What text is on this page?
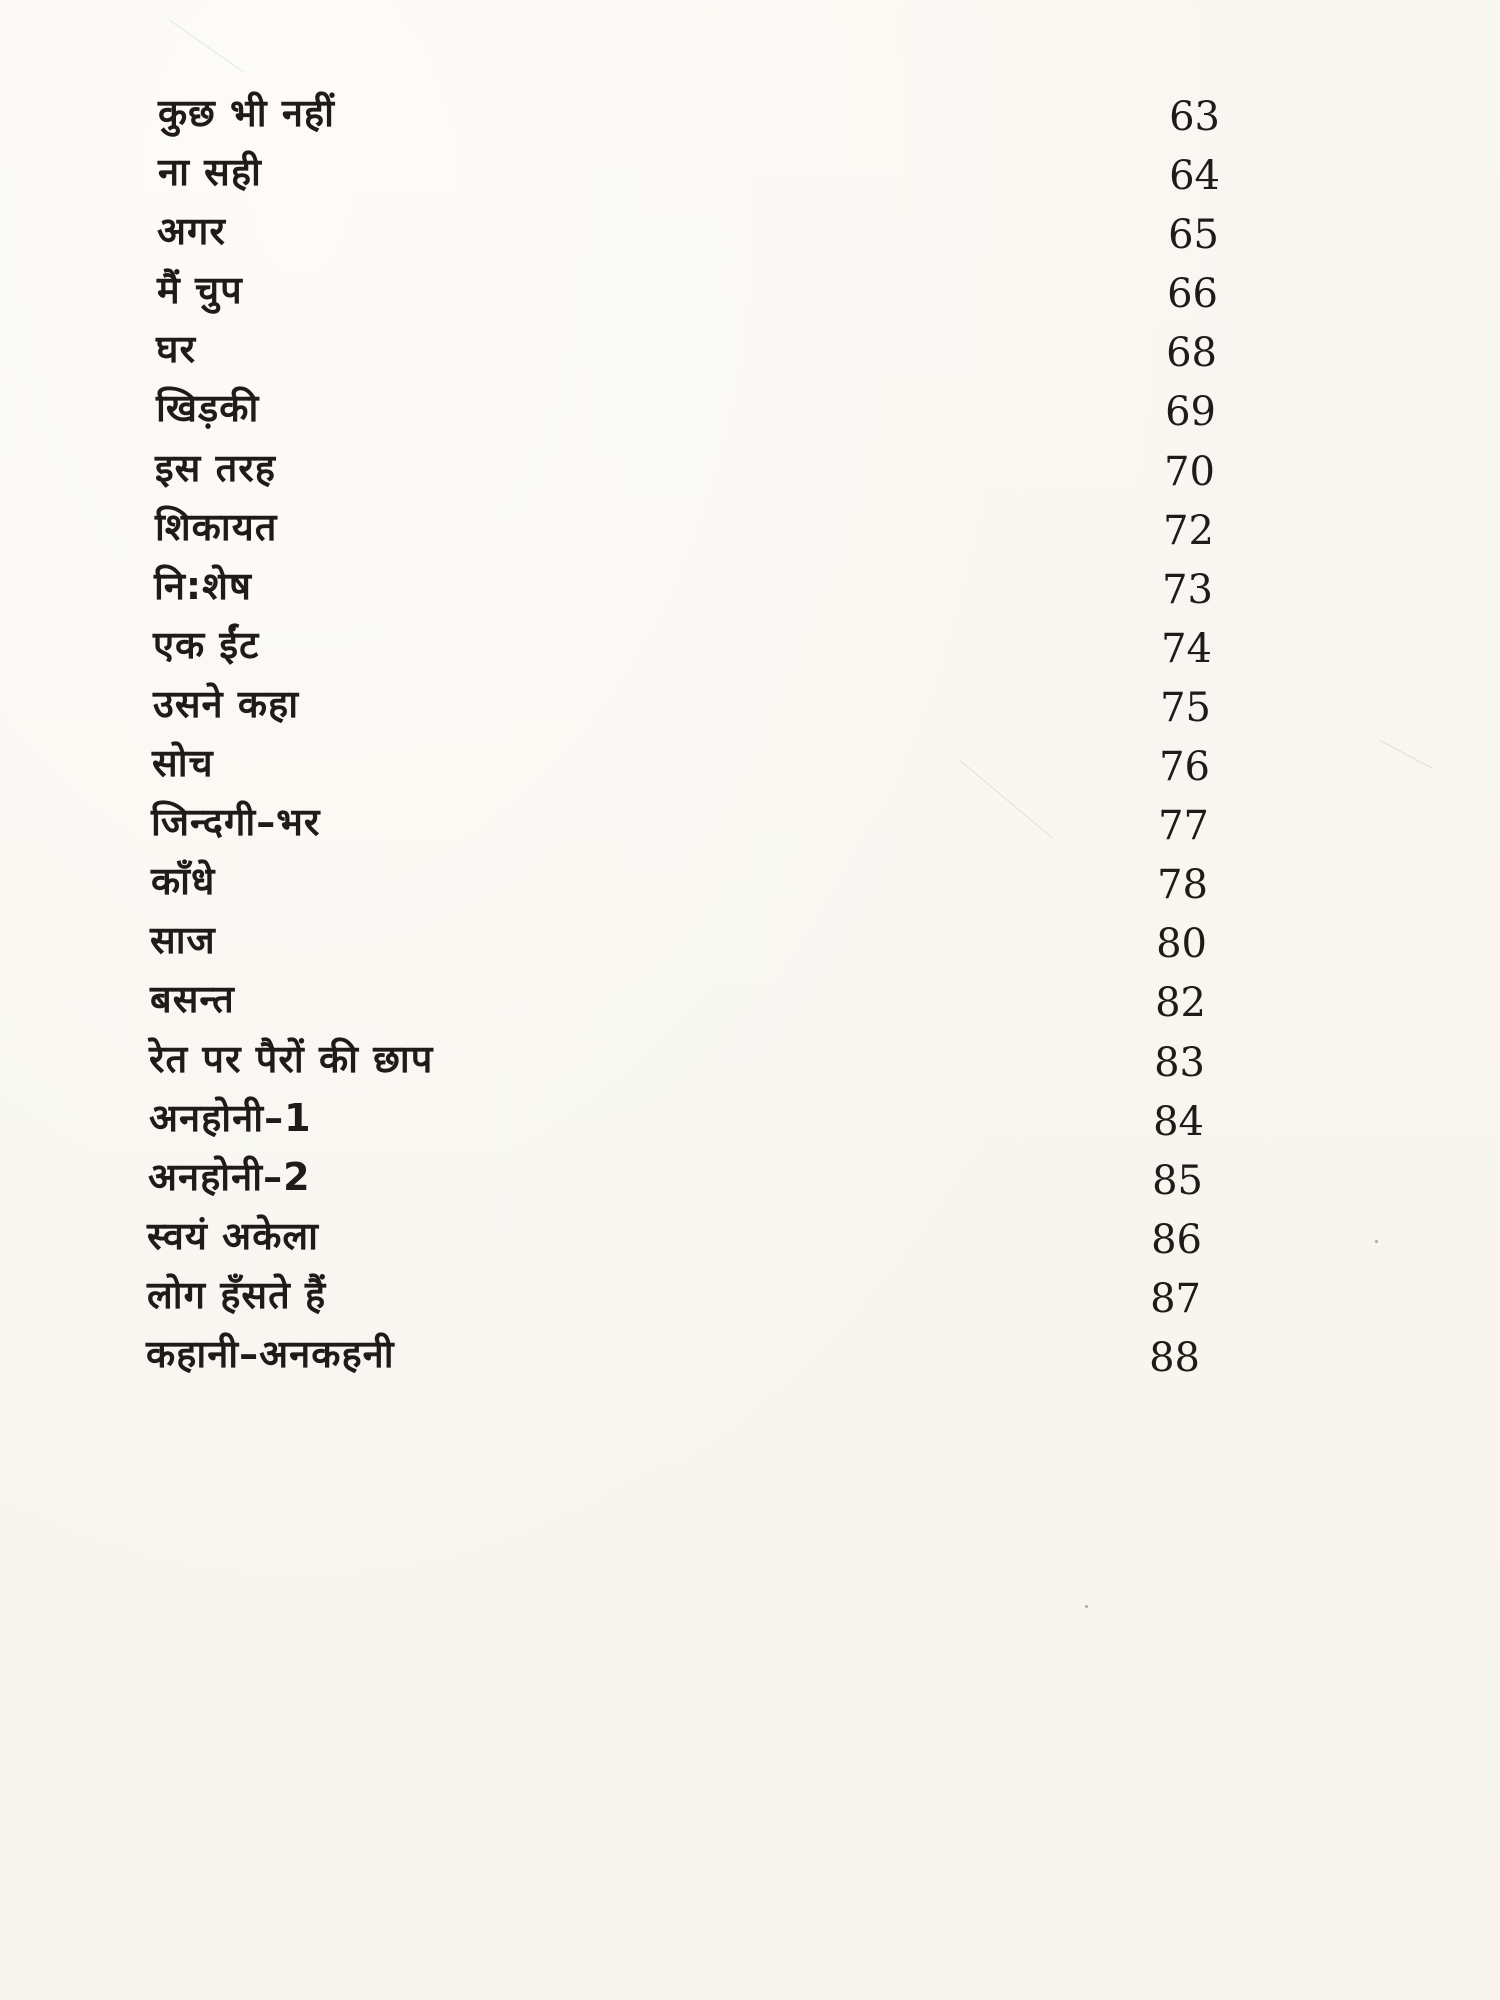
कुछ भी नहीं	63
ना सही	64
अगर	65
मैं चुप	66
घर	68
खिड़की	69
इस तरह	70
शिकायत	72
नि:शेष	73
एक ईंट	74
उसने कहा	75
सोच	76
जिन्दगी–भर	77
काँधे	78
साज	80
बसन्त	82
रेत पर पैरों की छाप	83
अनहोनी–1	84
अनहोनी–2	85
स्वयं अकेला	86
लोग हँसते हैं	87
कहानी–अनकहनी	88
